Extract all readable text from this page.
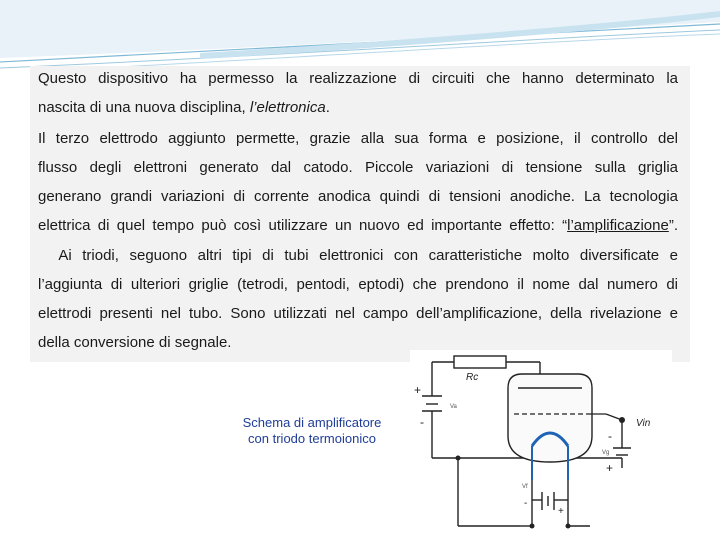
Questo dispositivo ha permesso la realizzazione di circuiti che hanno determinato la
nascita di una nuova disciplina, l’elettronica.
Il terzo elettrodo aggiunto permette, grazie alla sua forma e posizione, il controllo del
flusso degli elettroni generato dal catodo. Piccole variazioni di tensione sulla griglia
generano grandi variazioni di corrente anodica quindi di tensioni anodiche. La tecnologia
elettrica di quel tempo può così utilizzare un nuovo ed importante effetto: “l’amplificazione”.
Ai triodi, seguono altri tipi di tubi elettronici con caratteristiche molto diversificate e
l’aggiunta di ulteriori griglie (tetrodi, pentodi, eptodi) che prendono il nome dal numero di
elettrodi presenti nel tubo. Sono utilizzati nel campo dell’amplificazione, della rivelazione e
della conversione di segnale.
Schema di amplificatore
con triodo termoionico
Rc
Vin
+
-
Va
-
Vg
+
Vf
-
+
